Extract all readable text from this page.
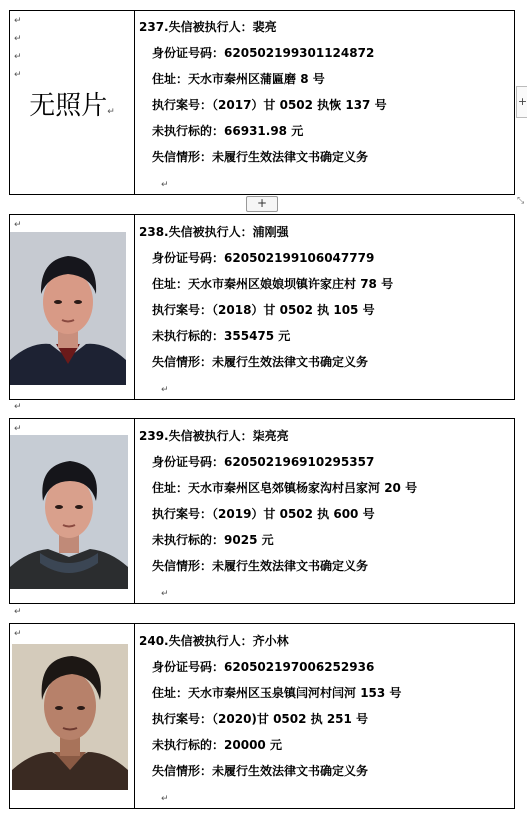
+
+	⤡
↵
↵
↵
↵
↵
↵
无照片↵
237.失信被执行人：裴亮
身份证号码：620502199301124872
住址：天水市秦州区蒲匾磨 8 号
执行案号：（2017）甘 0502 执恢 137 号
未执行标的：66931.98 元
失信情形：未履行生效法律文书确定义务
↵
↵	238.失信被执行人：浦刚强
身份证号码：620502199106047779
住址：天水市秦州区娘娘坝镇许家庄村 78 号
执行案号：（2018）甘 0502 执 105 号
未执行标的：355475 元
失信情形：未履行生效法律文书确定义务
↵
↵	239.失信被执行人：柒亮亮
身份证号码：620502196910295357
住址：天水市秦州区皂郊镇杨家沟村吕家河 20 号
执行案号：（2019）甘 0502 执 600 号
未执行标的：9025 元
失信情形：未履行生效法律文书确定义务
↵
↵	240.失信被执行人：齐小林
身份证号码：620502197006252936
住址：天水市秦州区玉泉镇闫河村闫河 153 号
执行案号：（2020)甘 0502 执 251 号
未执行标的：20000 元
失信情形：未履行生效法律文书确定义务
↵
